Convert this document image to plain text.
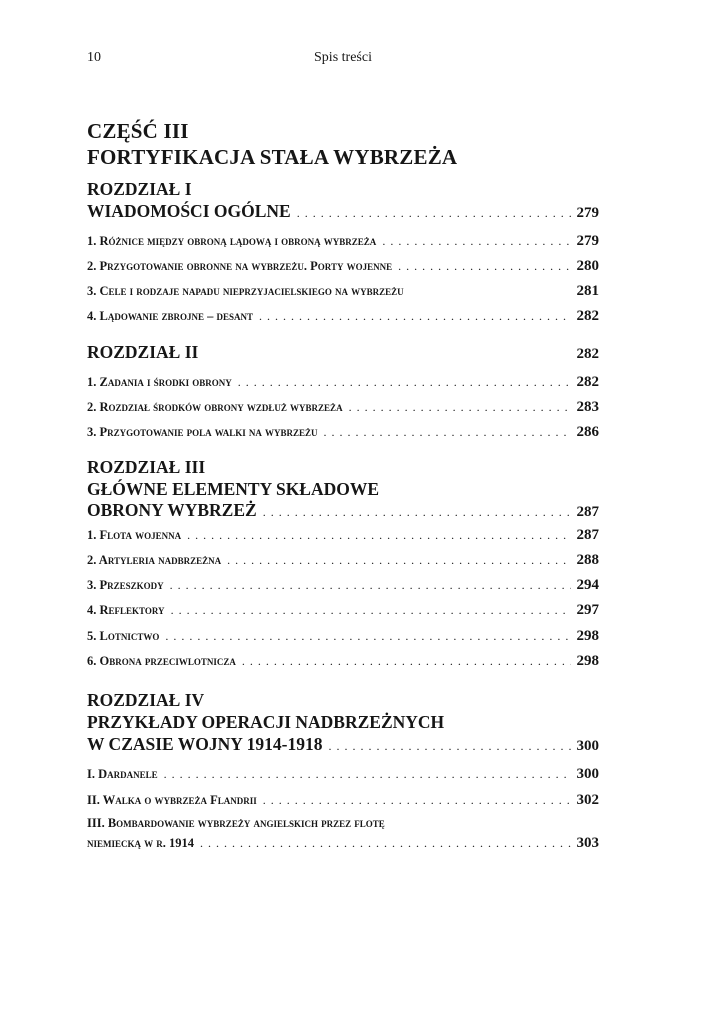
10	Spis treści
CZĘŚĆ III
FORTYFIKACJA STAŁA WYBRZEŻA
ROZDZIAŁ I
WIADOMOŚCI OGÓLNE . . .	279
1. Różnice między obroną lądową i obroną wybrzeża . . .	279
2. Przygotowanie obronne na wybrzeżu. Porty wojenne . . .	280
3. Cele i rodzaje napadu nieprzyjacielskiego na wybrzeżu	281
4. Lądowanie zbrojne – desant . . .	282
ROZDZIAŁ II	282
1. Zadania i środki obrony . . .	282
2. Rozdział środków obrony wzdłuż wybrzeża . . .	283
3. Przygotowanie pola walki na wybrzeżu . . .	286
ROZDZIAŁ III
GŁÓWNE ELEMENTY SKŁADOWE
OBRONY WYBRZEŻ . . .	287
1. Flota wojenna . . .	287
2. Artyleria nadbrzeżna . . .	288
3. Przeszkody . . .	294
4. Reflektory . . .	297
5. Lotnictwo . . .	298
6. Obrona przeciwlotnicza . . .	298
ROZDZIAŁ IV
PRZYKŁADY OPERACJI NADBRZEŻNYCH
W CZASIE WOJNY 1914-1918 . . .	300
I. Dardanele . . .	300
II. Walka o wybrzeża Flandrii . . .	302
III. Bombardowanie wybrzeży angielskich przez flotę
niemiecką w r. 1914 . . .	303
